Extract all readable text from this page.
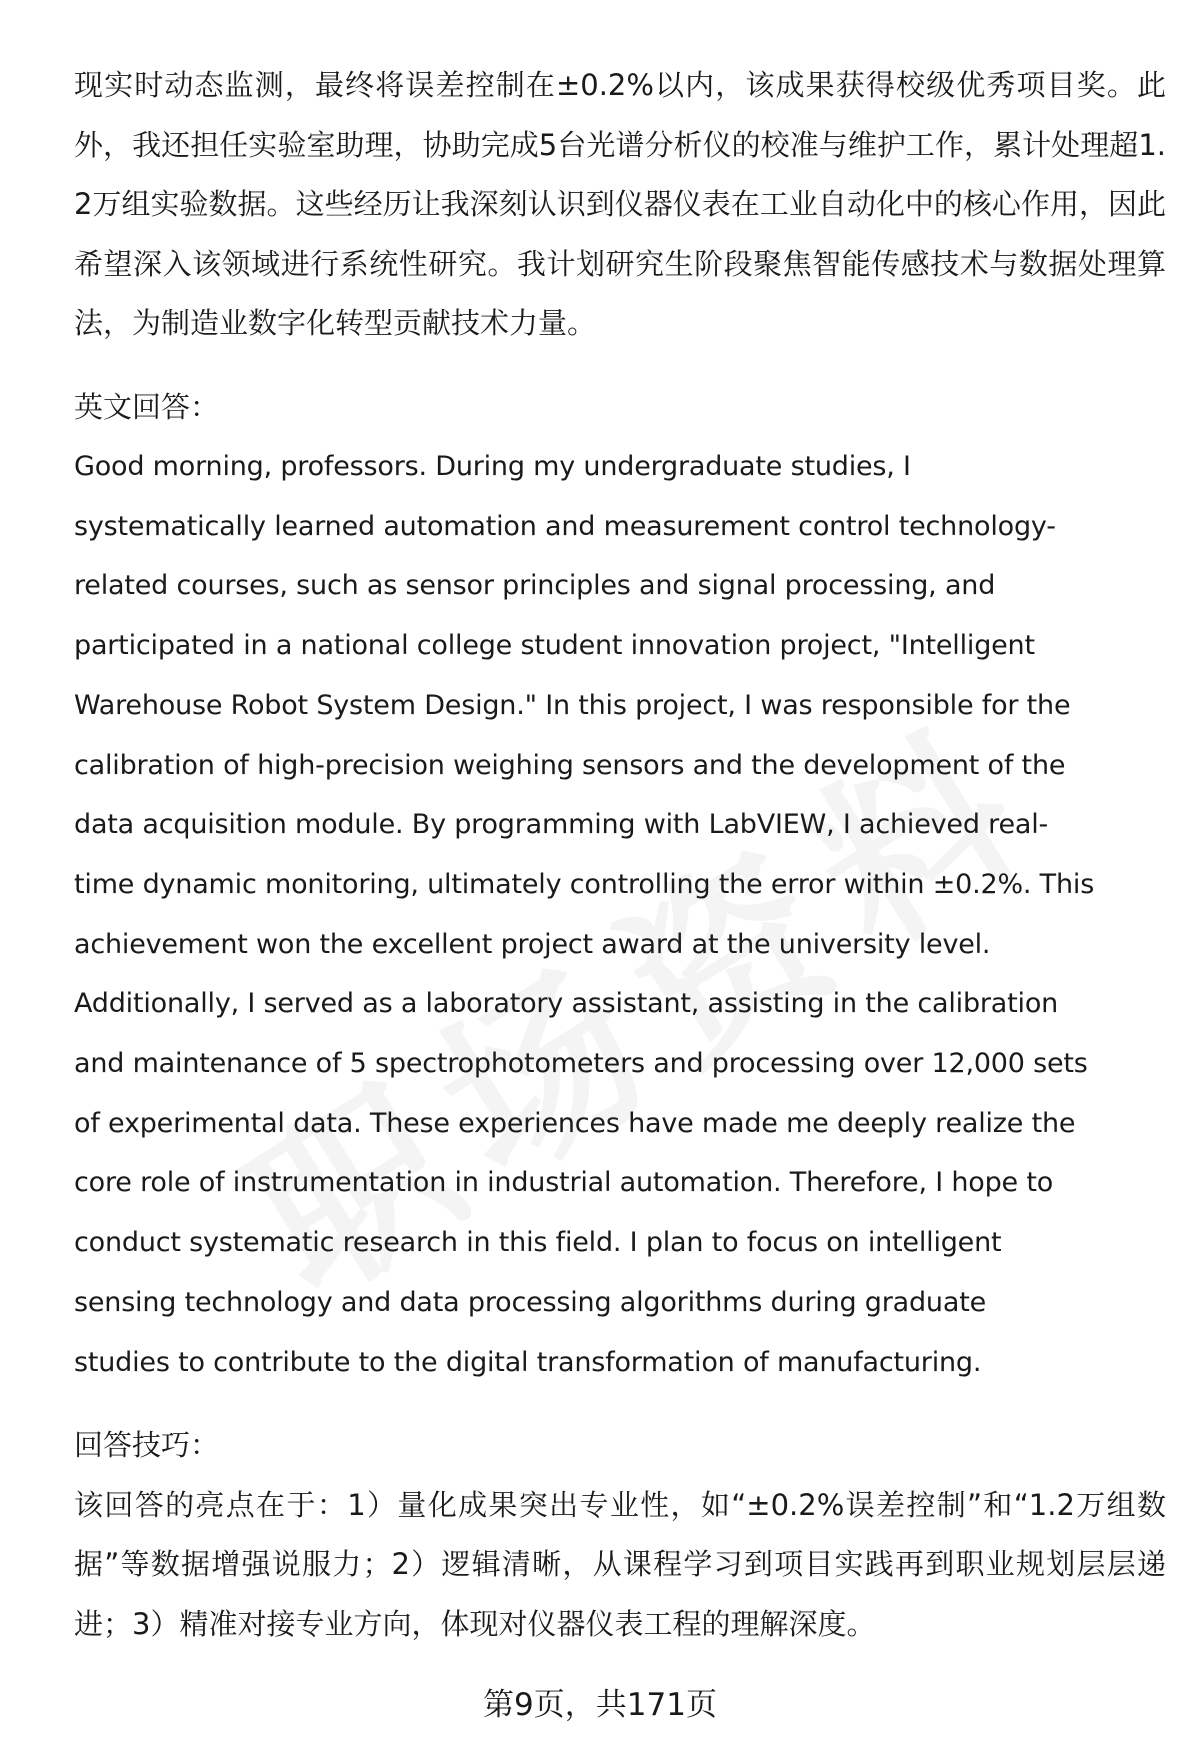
现实时动态监测，最终将误差控制在±0.2%以内，该成果获得校级优秀项目奖。此外，我还担任实验室助理，协助完成5台光谱分析仪的校准与维护工作，累计处理超1.2万组实验数据。这些经历让我深刻认识到仪器仪表在工业自动化中的核心作用，因此希望深入该领域进行系统性研究。我计划研究生阶段聚焦智能传感技术与数据处理算法，为制造业数字化转型贡献技术力量。

英文回答：

Good morning, professors. During my undergraduate studies, I
systematically learned automation and measurement control technology-
related courses, such as sensor principles and signal processing, and
participated in a national college student innovation project, "Intelligent
Warehouse Robot System Design." In this project, I was responsible for the
calibration of high-precision weighing sensors and the development of the
data acquisition module. By programming with LabVIEW, I achieved real-
time dynamic monitoring, ultimately controlling the error within ±0.2%. This
achievement won the excellent project award at the university level.
Additionally, I served as a laboratory assistant, assisting in the calibration
and maintenance of 5 spectrophotometers and processing over 12,000 sets
of experimental data. These experiences have made me deeply realize the
core role of instrumentation in industrial automation. Therefore, I hope to
conduct systematic research in this field. I plan to focus on intelligent
sensing technology and data processing algorithms during graduate
studies to contribute to the digital transformation of manufacturing.

回答技巧：

该回答的亮点在于：1）量化成果突出专业性，如“±0.2%误差控制”和“1.2万组数据”等数据增强说服力；2）逻辑清晰，从课程学习到项目实践再到职业规划层层递进；3）精准对接专业方向，体现对仪器仪表工程的理解深度。

第9页，共171页
